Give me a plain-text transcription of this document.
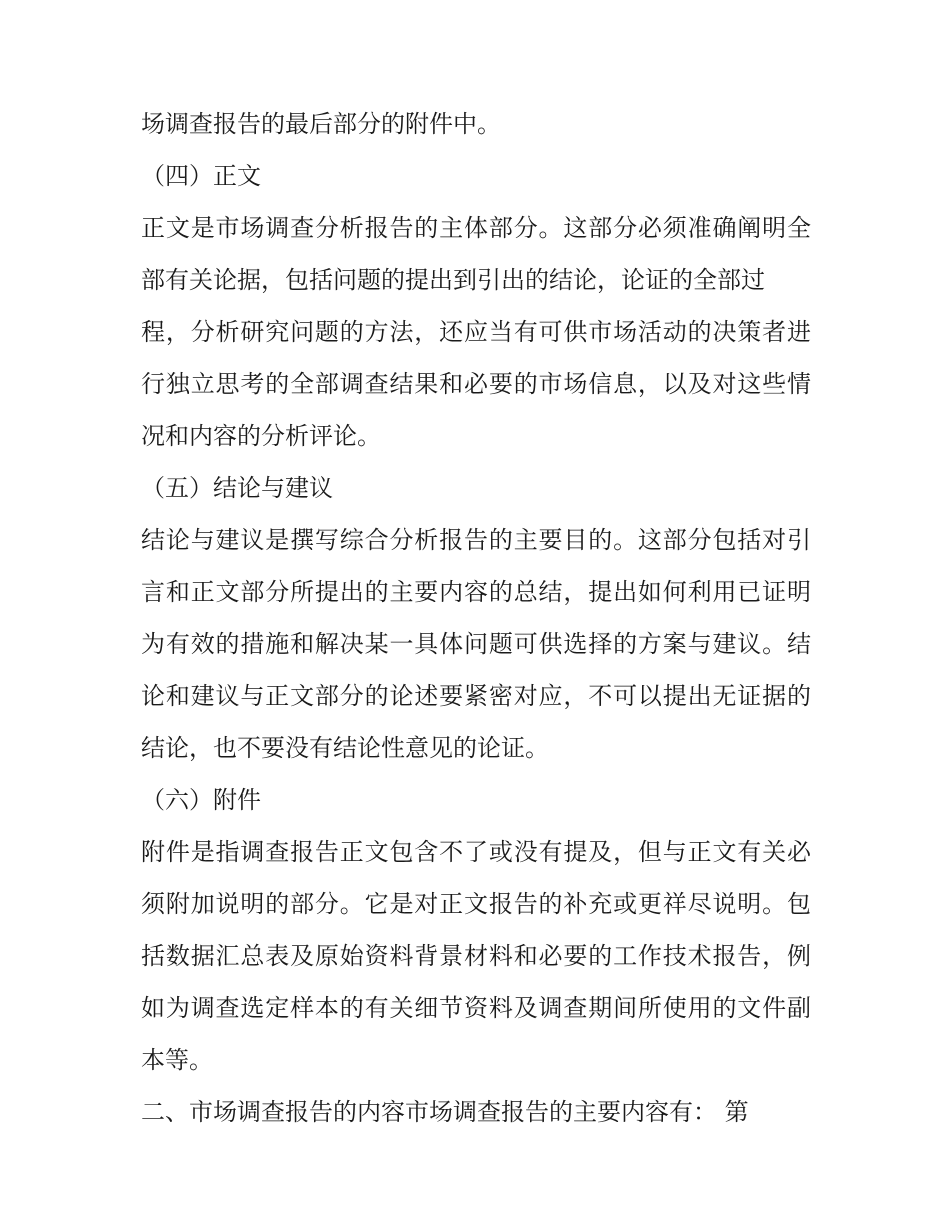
场调查报告的最后部分的附件中。
（四）正文
正文是市场调查分析报告的主体部分。这部分必须准确阐明全
部有关论据，包括问题的提出到引出的结论，论证的全部过
程，分析研究问题的方法，还应当有可供市场活动的决策者进
行独立思考的全部调查结果和必要的市场信息，以及对这些情
况和内容的分析评论。
（五）结论与建议
结论与建议是撰写综合分析报告的主要目的。这部分包括对引
言和正文部分所提出的主要内容的总结，提出如何利用已证明
为有效的措施和解决某一具体问题可供选择的方案与建议。结
论和建议与正文部分的论述要紧密对应，不可以提出无证据的
结论，也不要没有结论性意见的论证。
（六）附件
附件是指调查报告正文包含不了或没有提及，但与正文有关必
须附加说明的部分。它是对正文报告的补充或更祥尽说明。包
括数据汇总表及原始资料背景材料和必要的工作技术报告，例
如为调查选定样本的有关细节资料及调查期间所使用的文件副
本等。
二、市场调查报告的内容市场调查报告的主要内容有： 第
